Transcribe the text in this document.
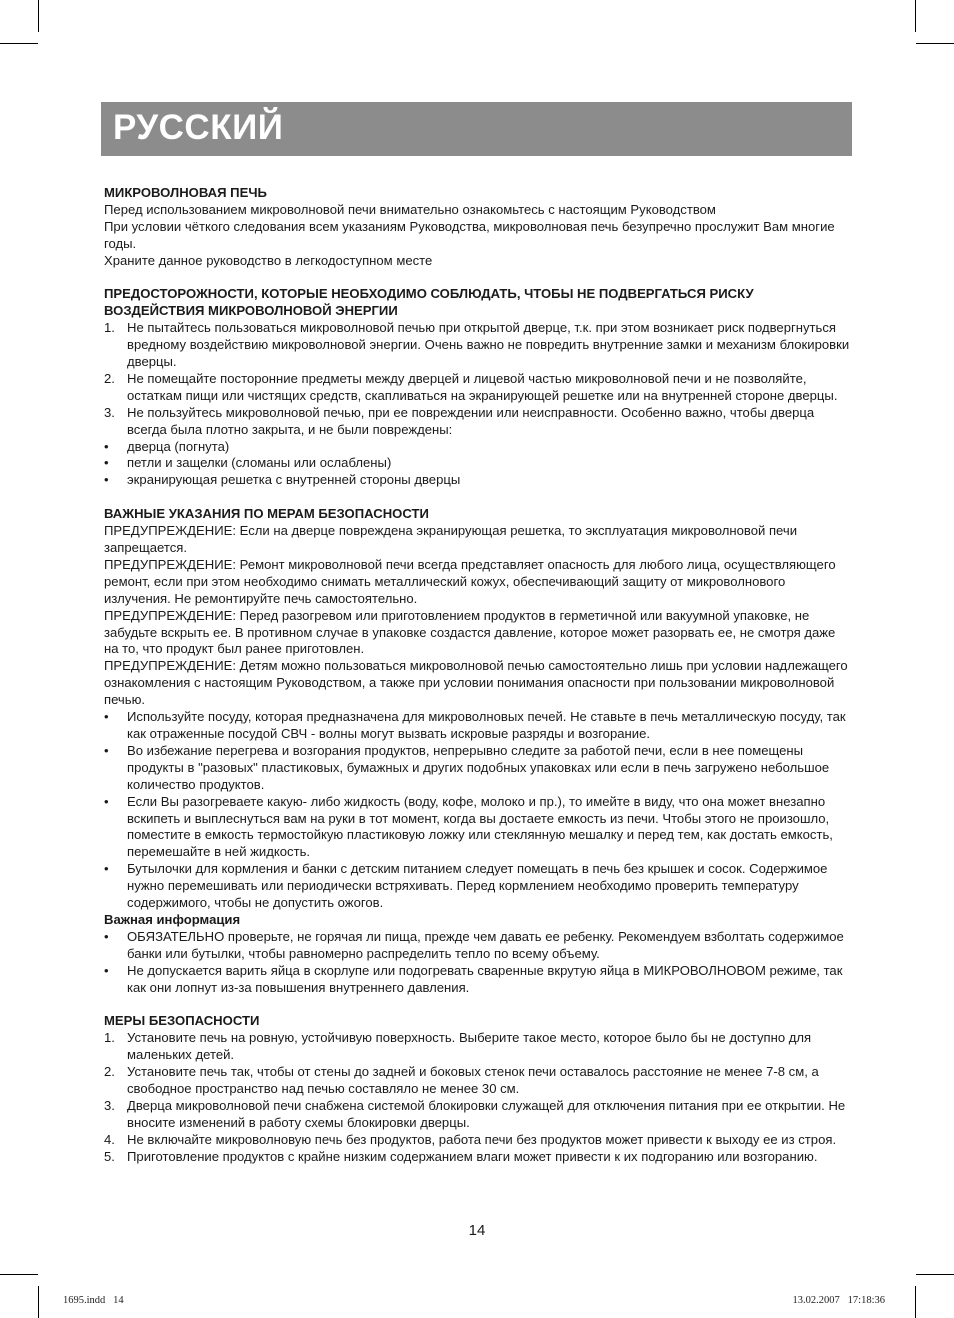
РУССКИЙ

МИКРОВОЛНОВАЯ ПЕЧЬ

Перед использованием микроволновой печи внимательно ознакомьтесь с настоящим Руководством

При условии чёткого следования всем указаниям Руководства, микроволновая печь безупречно прослужит Вам многие годы.

Храните данное руководство в легкодоступном месте

ПРЕДОСТОРОЖНОСТИ, КОТОРЫЕ НЕОБХОДИМО СОБЛЮДАТЬ, ЧТОБЫ НЕ ПОДВЕРГАТЬСЯ РИСКУ ВОЗДЕЙСТВИЯ МИКРОВОЛНОВОЙ ЭНЕРГИИ

1. Не пытайтесь пользоваться микроволновой печью при открытой дверце, т.к. при этом возникает риск подвергнуться вредному воздействию микроволновой энергии. Очень важно не повредить внутренние замки и механизм блокировки дверцы.
2. Не помещайте посторонние предметы между дверцей и лицевой частью микроволновой печи и не позволяйте, остаткам пищи или чистящих средств, скапливаться на экранирующей решетке или на внутренней стороне дверцы.
3. Не пользуйтесь микроволновой печью, при ее повреждении или неисправности. Особенно важно, чтобы дверца всегда была плотно закрыта, и не были повреждены:
•	дверца (погнута)
•	петли и защелки (сломаны или ослаблены)
•	экранирующая решетка с внутренней стороны дверцы

ВАЖНЫЕ УКАЗАНИЯ ПО МЕРАМ БЕЗОПАСНОСТИ

ПРЕДУПРЕЖДЕНИЕ: Если на дверце повреждена экранирующая решетка, то эксплуатация микроволновой печи запрещается.

ПРЕДУПРЕЖДЕНИЕ: Ремонт микроволновой печи всегда представляет опасность для любого лица, осуществляющего ремонт, если при этом необходимо снимать металлический кожух, обеспечивающий защиту от микроволнового излучения. Не ремонтируйте печь самостоятельно.

ПРЕДУПРЕЖДЕНИЕ: Перед разогревом или приготовлением продуктов в герметичной или вакуумной упаковке, не забудьте вскрыть ее. В противном случае в упаковке создастся давление, которое может разорвать ее, не смотря даже на то, что продукт был ранее приготовлен.

ПРЕДУПРЕЖДЕНИЕ: Детям можно пользоваться микроволновой печью самостоятельно лишь при условии надлежащего ознакомления с настоящим Руководством, а также при условии понимания опасности при пользовании микроволновой печью.

•	Используйте посуду, которая предназначена для микроволновых печей. Не ставьте в печь металлическую посуду, так как отраженные посудой СВЧ - волны могут вызвать искровые разряды и возгорание.
•	Во избежание перегрева и возгорания продуктов, непрерывно следите за работой печи, если в нее помещены продукты в "разовых" пластиковых, бумажных и других подобных упаковках или если в печь загружено небольшое количество продуктов.
•	Если Вы разогреваете какую- либо жидкость (воду, кофе, молоко и пр.), то имейте в виду, что она может внезапно вскипеть и выплеснуться вам на руки в тот момент, когда вы достаете емкость из печи. Чтобы этого не произошло, поместите в емкость термостойкую пластиковую ложку или стеклянную мешалку и перед тем, как достать емкость, перемешайте в ней жидкость.
•	Бутылочки для кормления и банки с детским питанием следует помещать в печь без крышек и сосок. Содержимое нужно перемешивать или периодически встряхивать. Перед кормлением необходимо проверить температуру содержимого, чтобы не допустить ожогов.

Важная информация

•	ОБЯЗАТЕЛЬНО проверьте, не горячая ли пища, прежде чем давать ее ребенку. Рекомендуем взболтать содержимое банки или бутылки, чтобы равномерно распределить тепло по всему объему.
•	Не допускается варить яйца в скорлупе или подогревать сваренные вкрутую яйца в МИКРОВОЛНОВОМ режиме, так как они лопнут из-за повышения внутреннего давления.

МЕРЫ БЕЗОПАСНОСТИ

1. Установите печь на ровную, устойчивую поверхность. Выберите такое место, которое было бы не доступно для маленьких детей.
2. Установите печь так, чтобы от стены до задней и боковых стенок печи оставалось расстояние не менее 7-8 см, а свободное пространство над печью составляло не менее 30 см.
3. Дверца микроволновой печи снабжена системой блокировки служащей для отключения питания при ее открытии. Не вносите изменений в работу схемы блокировки дверцы.
4. Не включайте микроволновую печь без продуктов, работа печи без продуктов может привести к выходу ее из строя.
5. Приготовление продуктов с крайне низким содержанием влаги может привести к их подгоранию или возгоранию.
14
1695.indd   14	13.02.2007   17:18:36
